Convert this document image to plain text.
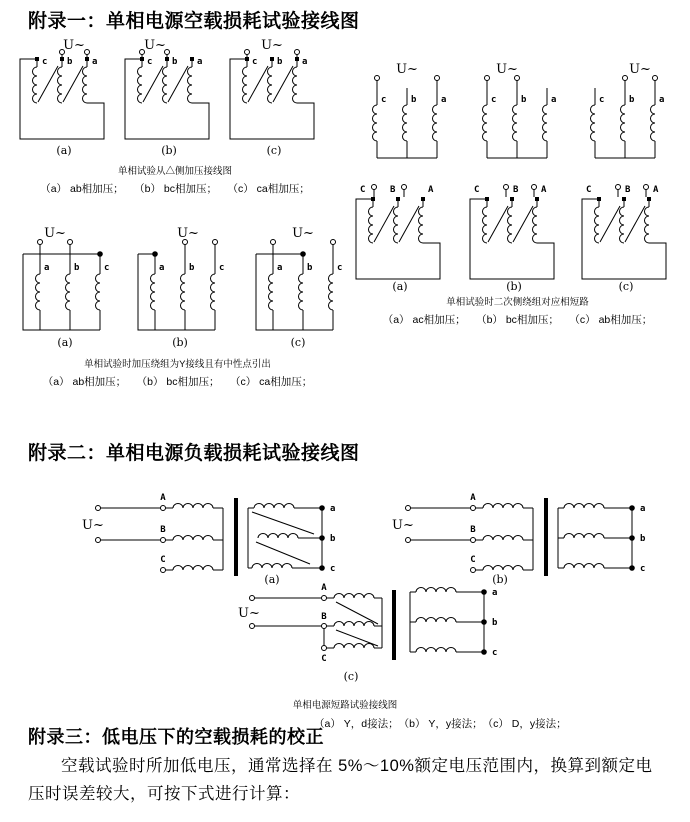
附录一：单相电源空载损耗试验接线图
U~
c b a
(a)
U~
c b a
(b)
U~
c b a
(c)
单相试验从△侧加压接线图
（a） ab相加压；　　（b） bc相加压；　　（c） ca相加压；
U~
a	b	c
(a)
U~
a	b	c
(b)
U~
a	b	c
(c)
单相试验时加压绕组为Y接线且有中性点引出
（a） ab相加压；　　（b） bc相加压；　　（c） ca相加压；
U~
c	b	a
U~
c	b	a
U~
c	b	a
C	B	A
(a)
C	B	A
(b)
C	B	A
(c)
单相试验时二次侧绕组对应相短路
（a） ac相加压；　　（b） bc相加压；　　（c） ab相加压；
附录二：单相电源负载损耗试验接线图
U~
A
B
C
a
b
c
(a)
U~
A
B
C
a
b
c
(b)
U~
A
B
C
a
b
c
(c)
单相电源短路试验接线图
（a） Y，d接法；　（b） Y，y接法；　（c） D，y接法；
附录三：低电压下的空载损耗的校正
空载试验时所加低电压，通常选择在 5%～10%额定电压范围内，换算到额定电压时误差较大，可按下式进行计算：
